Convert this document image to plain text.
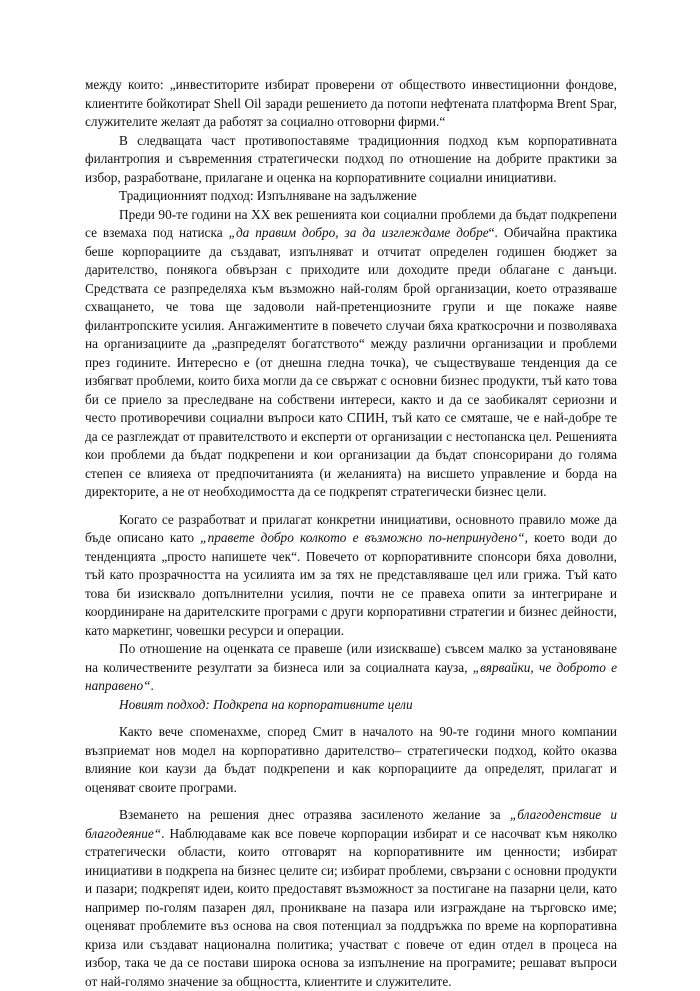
между които: „инвеститорите избират проверени от обществото инвестиционни фондове, клиентите бойкотират Shell Oil заради решението да потопи нефтената платформа Brent Spar, служителите желаят да работят за социално отговорни фирми.“

В следващата част противопоставяме традиционния подход към корпоративната филантропия и съвременния стратегически подход по отношение на добрите практики за избор, разработване, прилагане и оценка на корпоративните социални инициативи.

Традиционният подход: Изпълняване на задължение

Преди 90-те години на XX век решенията кои социални проблеми да бъдат подкрепени се вземаха под натиска „да правим добро, за да изглеждаме добре“. Обичайна практика беше корпорациите да създават, изпълняват и отчитат определен годишен бюджет за дарителство, понякога обвързан с приходите или доходите преди облагане с данъци. Средствата се разпределяха към възможно най-голям брой организации, което отразяваше схващането, че това ще задоволи най-претенциозните групи и ще покаже наяве филантропските усилия. Ангажиментите в повечето случаи бяха краткосрочни и позволяваха на организациите да „разпределят богатството“ между различни организации и проблеми през годините. Интересно е (от днешна гледна точка), че съществуваше тенденция да се избягват проблеми, които биха могли да се свържат с основни бизнес продукти, тъй като това би се приело за преследване на собствени интереси, както и да се заобикалят сериозни и често противоречиви социални въпроси като СПИН, тъй като се смяташе, че е най-добре те да се разглеждат от правителството и експерти от организации с нестопанска цел. Решенията кои проблеми да бъдат подкрепени и кои организации да бъдат спонсорирани до голяма степен се влияеха от предпочитанията (и желанията) на висшето управление и борда на директорите, а не от необходимостта да се подкрепят стратегически бизнес цели.

Когато се разработват и прилагат конкретни инициативи, основното правило може да бъде описано като „правете добро колкото е възможно по-непринудено“, което води до тенденцията „просто напишете чек“. Повечето от корпоративните спонсори бяха доволни, тъй като прозрачността на усилията им за тях не представляваше цел или грижа. Тъй като това би изисквало допълнителни усилия, почти не се правеха опити за интегриране и координиране на дарителските програми с други корпоративни стратегии и бизнес дейности, като маркетинг, човешки ресурси и операции.

По отношение на оценката се правеше (или изискваше) съвсем малко за установяване на количествените резултати за бизнеса или за социалната кауза, „вярвайки, че доброто е направено“.

Новият подход: Подкрепа на корпоративните цели

Както вече споменахме, според Смит в началото на 90-те години много компании възприемат нов модел на корпоративно дарителство– стратегически подход, който оказва влияние кои каузи да бъдат подкрепени и как корпорациите да определят, прилагат и оценяват своите програми.

Вземането на решения днес отразява засиленото желание за „благоденствие и благодеяние“. Наблюдаваме как все повече корпорации избират и се насочват към няколко стратегически области, които отговарят на корпоративните им ценности; избират инициативи в подкрепа на бизнес целите си; избират проблеми, свързани с основни продукти и пазари; подкрепят идеи, които предоставят възможност за постигане на пазарни цели, като например по-голям пазарен дял, проникване на пазара или изграждане на търговско име; оценяват проблемите въз основа на своя потенциал за поддръжка по време на корпоративна криза или създават национална политика; участват с повече от един отдел в процеса на избор, така че да се постави широка основа за изпълнение на програмите; решават въпроси от най-голямо значение за общността, клиентите и служителите.
